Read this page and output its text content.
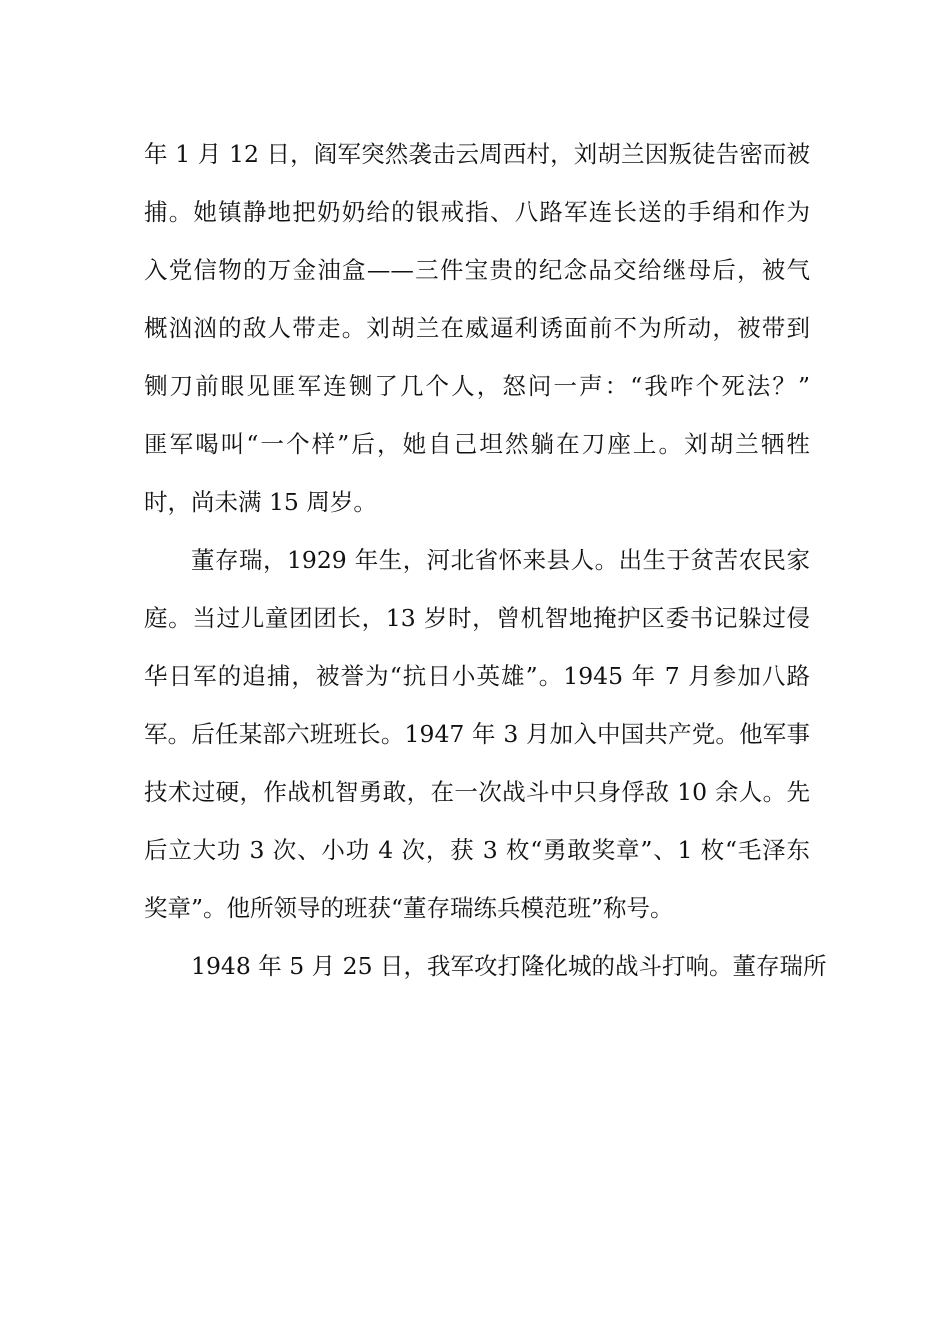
年 1 月 12 日，阎军突然袭击云周西村，刘胡兰因叛徒告密而被
捕。她镇静地把奶奶给的银戒指、八路军连长送的手绢和作为
入党信物的万金油盒——三件宝贵的纪念品交给继母后，被气
概汹汹的敌人带走。刘胡兰在威逼利诱面前不为所动，被带到
铡刀前眼见匪军连铡了几个人，怒问一声：“我咋个死法？”
匪军喝叫“一个样”后，她自己坦然躺在刀座上。刘胡兰牺牲
时，尚未满 15 周岁。
董存瑞，1929 年生，河北省怀来县人。出生于贫苦农民家
庭。当过儿童团团长，13 岁时，曾机智地掩护区委书记躲过侵
华日军的追捕，被誉为“抗日小英雄”。1945 年 7 月参加八路
军。后任某部六班班长。1947 年 3 月加入中国共产党。他军事
技术过硬，作战机智勇敢，在一次战斗中只身俘敌 10 余人。先
后立大功 3 次、小功 4 次，获 3 枚“勇敢奖章”、1 枚“毛泽东
奖章”。他所领导的班获“董存瑞练兵模范班”称号。
1948 年 5 月 25 日，我军攻打隆化城的战斗打响。董存瑞所
